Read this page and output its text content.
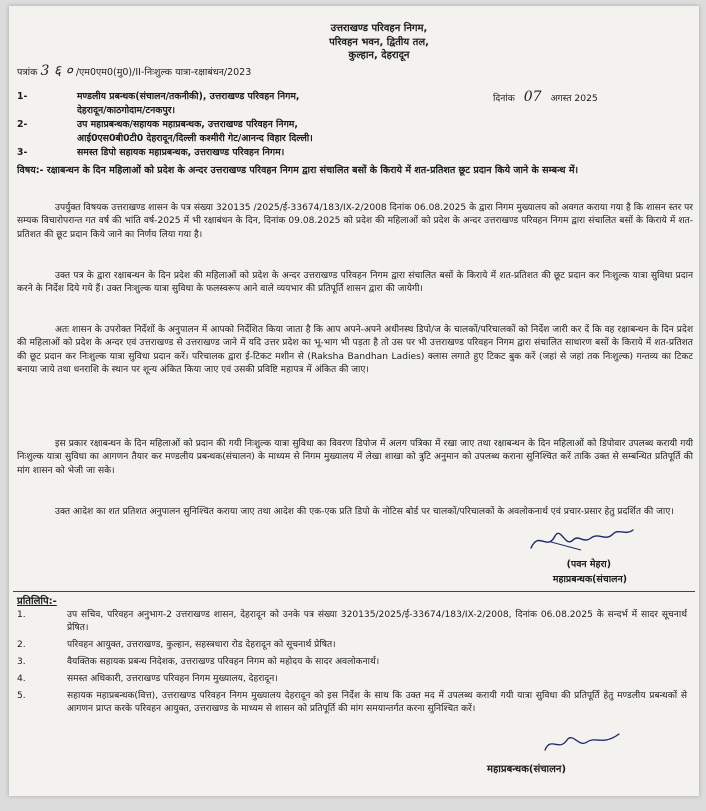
उत्तराखण्ड परिवहन निगम,
परिवहन भवन, द्वितीय तल,
कुल्हान, देहरादून
पत्रांक 3 ६ ० /एम0एम0(मु0)/II-निःशुल्क यात्रा-रक्षाबंधन/2023
दिनांक 07 अगस्त 2025
1-	मण्डलीय प्रबन्धक(संचालन/तकनीकी), उत्तराखण्ड परिवहन निगम,
देहरादून/काठगोदाम/टनकपुर।
2-	उप महाप्रबन्धक/सहायक महाप्रबन्धक, उत्तराखण्ड परिवहन निगम,
आई0एस0बी0टी0 देहरादून/दिल्ली कश्मीरी गेट/आनन्द विहार दिल्ली।
3-	समस्त डिपो सहायक महाप्रबन्धक, उत्तराखण्ड परिवहन निगम।
विषय:- रक्षाबन्धन के दिन महिलाओं को प्रदेश के अन्दर उत्तराखण्ड परिवहन निगम द्वारा संचालित बसों के किराये में शत-प्रतिशत छूट प्रदान किये जाने के सम्बन्ध में।
उपर्युक्त विषयक उत्तराखण्ड शासन के पत्र संख्या 320135 /2025/ई-33674/183/IX-2/2008 दिनांक 06.08.2025 के द्वारा निगम मुख्यालय को अवगत कराया गया है कि शासन स्तर पर सम्यक विचारोपरान्त गत वर्ष की भांति वर्ष-2025 में भी रक्षाबंधन के दिन, दिनांक 09.08.2025 को प्रदेश की महिलाओं को प्रदेश के अन्दर उत्तराखण्ड परिवहन निगम द्वारा संचालित बसों के किराये में शत-प्रतिशत की छूट प्रदान किये जाने का निर्णय लिया गया है।
उक्त पत्र के द्वारा रक्षाबन्धन के दिन प्रदेश की महिलाओं को प्रदेश के अन्दर उत्तराखण्ड परिवहन निगम द्वारा संचालित बसों के किराये में शत-प्रतिशत की छूट प्रदान कर निःशुल्क यात्रा सुविधा प्रदान करने के निर्देश दिये गये हैं। उक्त निःशुल्क यात्रा सुविधा के फलस्वरूप आने वाले व्ययभार की प्रतिपूर्ति शासन द्वारा की जायेगी।
अतः शासन के उपरोक्त निर्देशों के अनुपालन में आपको निर्देशित किया जाता है कि आप अपने-अपने अधीनस्थ डिपो/ज के चालकों/परिचालकों को निर्देश जारी कर दें कि वह रक्षाबन्धन के दिन प्रदेश की महिलाओं को प्रदेश के अन्दर एवं उत्तराखण्ड से उत्तराखण्ड जाने में यदि उत्तर प्रदेश का भू-भाग भी पड़ता है तो उस पर भी उत्तराखण्ड परिवहन निगम द्वारा संचालित साधारण बसों के किराये में शत-प्रतिशत की छूट प्रदान कर निःशुल्क यात्रा सुविधा प्रदान करें। परिचालक द्वारा ई-टिकट मशीन से (Raksha Bandhan Ladies) क्लास लगाते हुए टिकट बुक करें (जहां से जहां तक निःशुल्क) गन्तव्य का टिकट बनाया जाये तथा धनराशि के स्थान पर शून्य अंकित किया जाए एवं उसकी प्रविष्टि महापत्र में अंकित की जाए।
इस प्रकार रक्षाबन्धन के दिन महिलाओं को प्रदान की गयी निःशुल्क यात्रा सुविधा का विवरण डिपोज में अलग पत्रिका में रखा जाए तथा रक्षाबन्धन के दिन महिलाओं को डिपोवार उपलब्ध करायी गयी निःशुल्क यात्रा सुविधा का आगणन तैयार कर मण्डलीय प्रबन्धक(संचालन) के माध्यम से निगम मुख्यालय में लेखा शाखा को त्रुटि अनुमान को उपलब्ध कराना सुनिश्चित करें ताकि उक्त से सम्बन्धित प्रतिपूर्ति की मांग शासन को भेजी जा सके।
उक्त आदेश का शत प्रतिशत अनुपालन सुनिश्चित कराया जाए तथा आदेश की एक-एक प्रति डिपो के नोटिस बोर्ड पर चालकों/परिचालकों के अवलोकनार्थ एवं प्रचार-प्रसार हेतु प्रदर्शित की जाए।
(पवन मेहरा)
महाप्रबन्धक(संचालन)
प्रतिलिपि:-
1.	उप सचिव, परिवहन अनुभाग-2 उत्तराखण्ड शासन, देहरादून को उनके पत्र संख्या 320135/2025/ई-33674/183/IX-2/2008, दिनांक 06.08.2025 के सन्दर्भ में सादर सूचनार्थ प्रेषित।
2.	परिवहन आयुक्त, उत्तराखण्ड, कुल्हान, सहस्त्रधारा रोड देहरादून को सूचनार्थ प्रेषित।
3.	वैयक्तिक सहायक प्रबन्ध निदेशक, उत्तराखण्ड परिवहन निगम को महोदय के सादर अवलोकनार्थ।
4.	समस्त अधिकारी, उत्तराखण्ड परिवहन निगम मुख्यालय, देहरादून।
5.	सहायक महाप्रबन्धक(वित्त), उत्तराखण्ड परिवहन निगम मुख्यालय देहरादून को इस निर्देश के साथ कि उक्त मद में उपलब्ध करायी गयी यात्रा सुविधा की प्रतिपूर्ति हेतु मण्डलीय प्रबन्धकों से आगणन प्राप्त करके परिवहन आयुक्त, उत्तराखण्ड के माध्यम से शासन को प्रतिपूर्ति की मांग समयान्तर्गत करना सुनिश्चित करें।
महाप्रबन्धक(संचालन)
